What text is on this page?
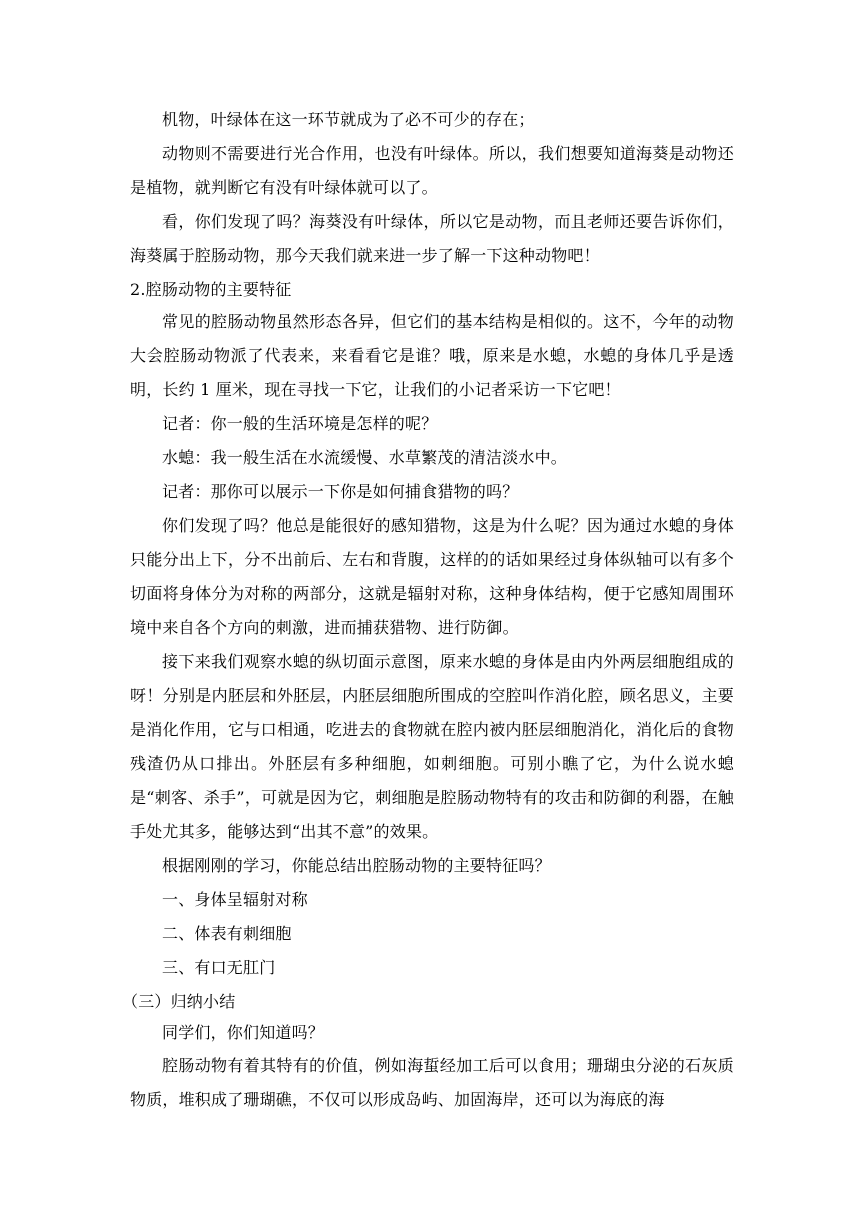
机物，叶绿体在这一环节就成为了必不可少的存在；

动物则不需要进行光合作用，也没有叶绿体。所以，我们想要知道海葵是动物还是植物，就判断它有没有叶绿体就可以了。

看，你们发现了吗？海葵没有叶绿体，所以它是动物，而且老师还要告诉你们，海葵属于腔肠动物，那今天我们就来进一步了解一下这种动物吧！

2.腔肠动物的主要特征

常见的腔肠动物虽然形态各异，但它们的基本结构是相似的。这不，今年的动物大会腔肠动物派了代表来，来看看它是谁？哦，原来是水螅，水螅的身体几乎是透明，长约 1 厘米，现在寻找一下它，让我们的小记者采访一下它吧！

记者：你一般的生活环境是怎样的呢？

水螅：我一般生活在水流缓慢、水草繁茂的清洁淡水中。

记者：那你可以展示一下你是如何捕食猎物的吗？

你们发现了吗？他总是能很好的感知猎物，这是为什么呢？因为通过水螅的身体只能分出上下，分不出前后、左右和背腹，这样的的话如果经过身体纵轴可以有多个切面将身体分为对称的两部分，这就是辐射对称，这种身体结构，便于它感知周围环境中来自各个方向的刺激，进而捕获猎物、进行防御。

接下来我们观察水螅的纵切面示意图，原来水螅的身体是由内外两层细胞组成的呀！分别是内胚层和外胚层，内胚层细胞所围成的空腔叫作消化腔，顾名思义，主要是消化作用，它与口相通，吃进去的食物就在腔内被内胚层细胞消化，消化后的食物残渣仍从口排出。外胚层有多种细胞，如刺细胞。可别小瞧了它，为什么说水螅是“刺客、杀手”，可就是因为它，刺细胞是腔肠动物特有的攻击和防御的利器，在触手处尤其多，能够达到“出其不意”的效果。

根据刚刚的学习，你能总结出腔肠动物的主要特征吗？

一、身体呈辐射对称

二、体表有刺细胞

三、有口无肛门

（三）归纳小结

同学们，你们知道吗？

腔肠动物有着其特有的价值，例如海蜇经加工后可以食用；珊瑚虫分泌的石灰质物质，堆积成了珊瑚礁，不仅可以形成岛屿、加固海岸，还可以为海底的海
